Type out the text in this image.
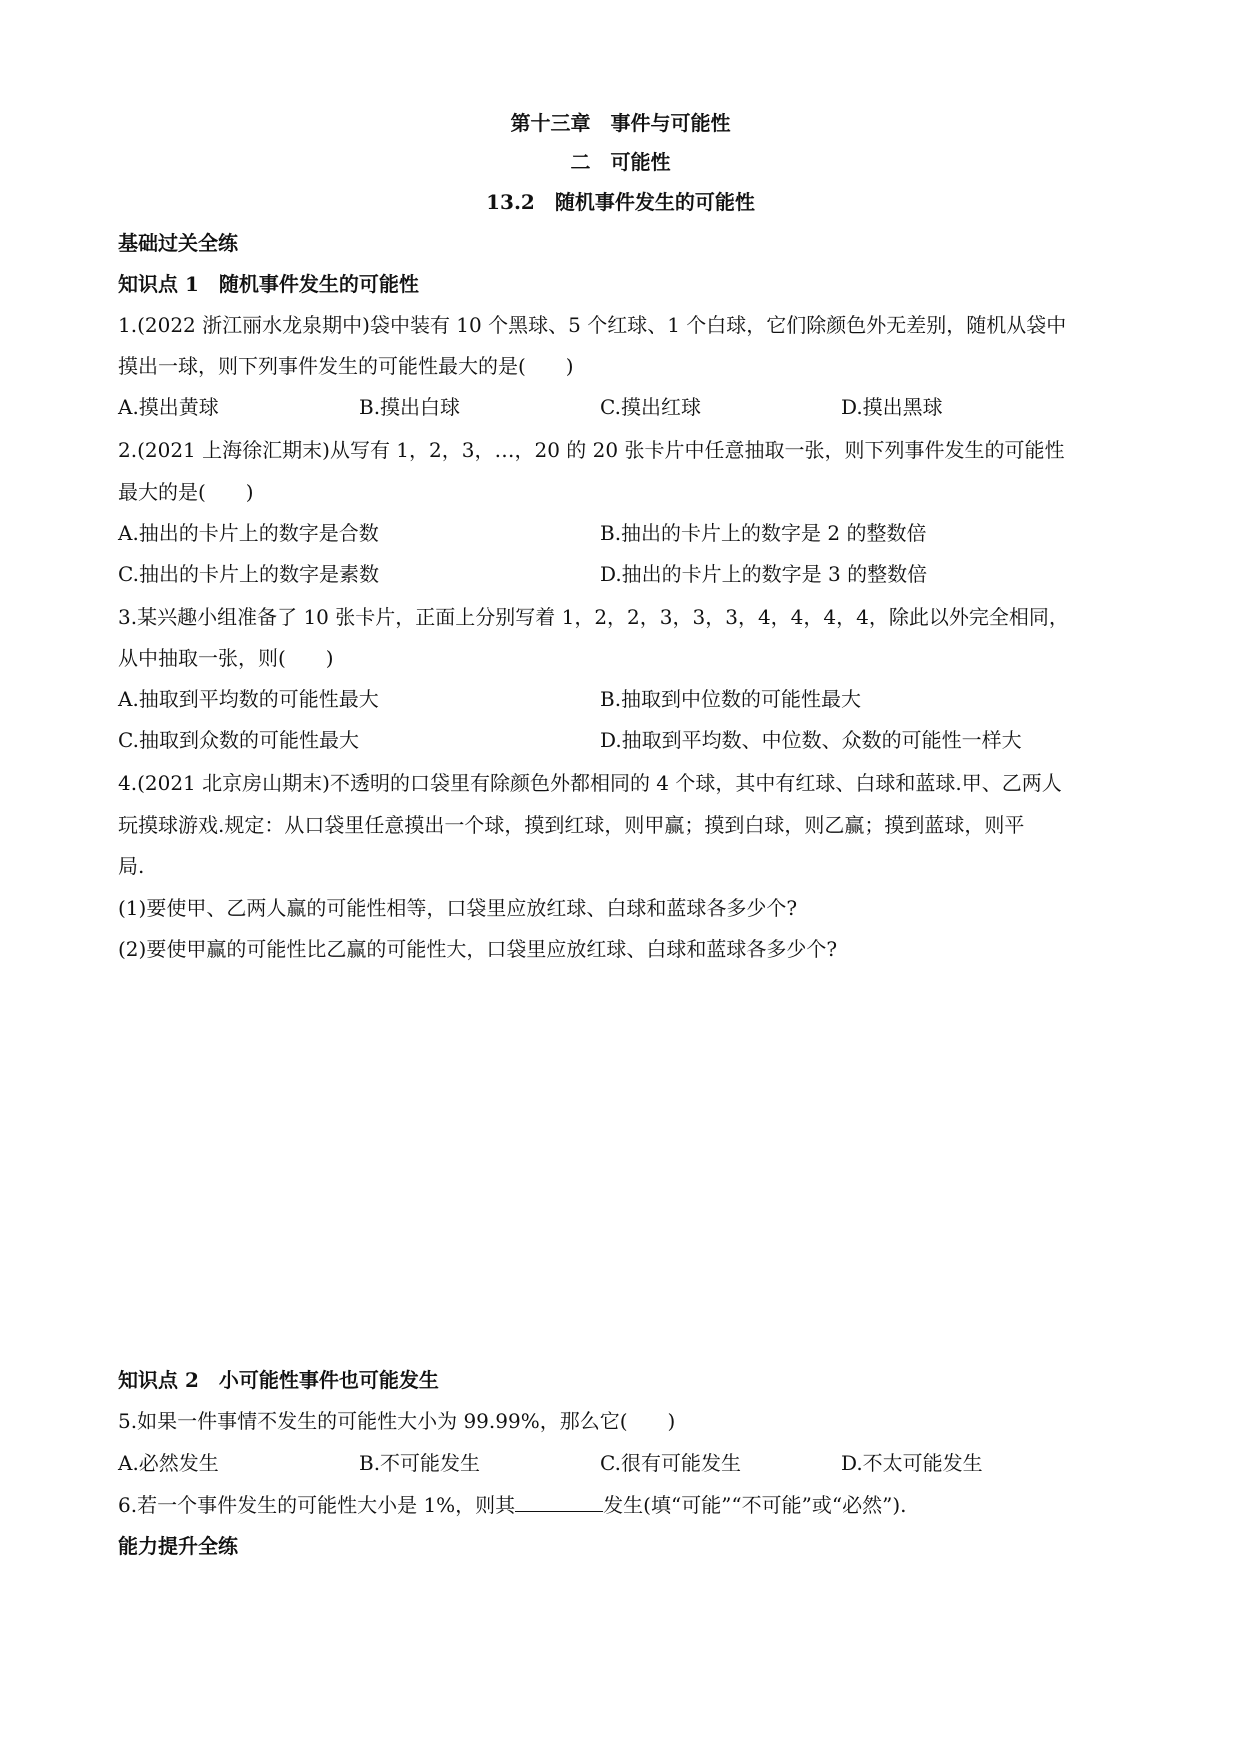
第十三章　事件与可能性
二　可能性
13.2　随机事件发生的可能性
基础过关全练
知识点 1　随机事件发生的可能性
1.(2022 浙江丽水龙泉期中)袋中装有 10 个黑球、5 个红球、1 个白球，它们除颜色外无差别，随机从袋中
摸出一球，则下列事件发生的可能性最大的是(　　)
A.摸出黄球	B.摸出白球	C.摸出红球	D.摸出黑球
2.(2021 上海徐汇期末)从写有 1，2，3，…，20 的 20 张卡片中任意抽取一张，则下列事件发生的可能性
最大的是(　　)
A.抽出的卡片上的数字是合数	B.抽出的卡片上的数字是 2 的整数倍
C.抽出的卡片上的数字是素数	D.抽出的卡片上的数字是 3 的整数倍
3.某兴趣小组准备了 10 张卡片，正面上分别写着 1，2，2，3，3，3，4，4，4，4，除此以外完全相同，
从中抽取一张，则(　　)
A.抽取到平均数的可能性最大	B.抽取到中位数的可能性最大
C.抽取到众数的可能性最大	D.抽取到平均数、中位数、众数的可能性一样大
4.(2021 北京房山期末)不透明的口袋里有除颜色外都相同的 4 个球，其中有红球、白球和蓝球.甲、乙两人
玩摸球游戏.规定：从口袋里任意摸出一个球，摸到红球，则甲赢；摸到白球，则乙赢；摸到蓝球，则平
局.
(1)要使甲、乙两人赢的可能性相等，口袋里应放红球、白球和蓝球各多少个?
(2)要使甲赢的可能性比乙赢的可能性大，口袋里应放红球、白球和蓝球各多少个?
知识点 2　小可能性事件也可能发生
5.如果一件事情不发生的可能性大小为 99.99%，那么它(　　)
A.必然发生	B.不可能发生	C.很有可能发生	D.不太可能发生
6.若一个事件发生的可能性大小是 1%，则其	发生(填“可能”“不可能”或“必然”).
能力提升全练
